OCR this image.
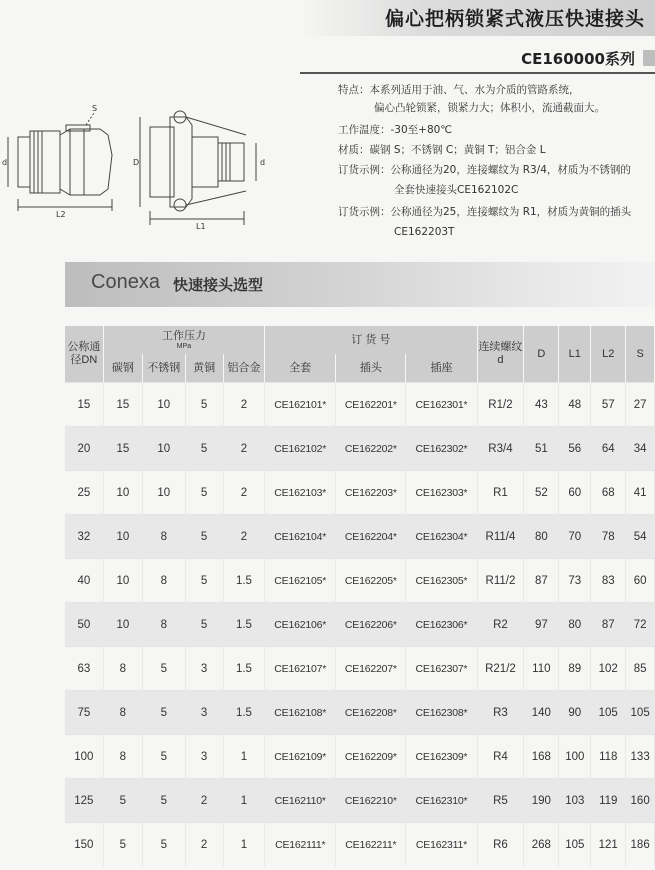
偏心把柄锁紧式液压快速接头
CE160000系列
S
d
L2
D	d
L1
特点：本系列适用于油、气、水为介质的管路系统，
偏心凸轮锁紧，锁紧力大；体积小，流通截面大。
工作温度：-30至+80℃
材质：碳钢 S；不锈钢 C；黄铜 T；铝合金 L
订货示例：公称通径为20，连接螺纹为 R3/4，材质为不锈钢的
全套快速接头CE162102C
订货示例：公称通径为25，连接螺纹为 R1，材质为黄铜的插头
CE162203T
Conexa 快速接头选型
公称通径DN	工作压力
MPa				订 货 号			连续螺纹d	D	L1	L2	S
	碳钢	不锈钢	黄铜	铝合金	全套	插头	插座					
15	15	10	5	2	CE162101*	CE162201*	CE162301*	R1/2	43	48	57	27
20	15	10	5	2	CE162102*	CE162202*	CE162302*	R3/4	51	56	64	34
25	10	10	5	2	CE162103*	CE162203*	CE162303*	R1	52	60	68	41
32	10	8	5	2	CE162104*	CE162204*	CE162304*	R11/4	80	70	78	54
40	10	8	5	1.5	CE162105*	CE162205*	CE162305*	R11/2	87	73	83	60
50	10	8	5	1.5	CE162106*	CE162206*	CE162306*	R2	97	80	87	72
63	8	5	3	1.5	CE162107*	CE162207*	CE162307*	R21/2	110	89	102	85
75	8	5	3	1.5	CE162108*	CE162208*	CE162308*	R3	140	90	105	105
100	8	5	3	1	CE162109*	CE162209*	CE162309*	R4	168	100	118	133
125	5	5	2	1	CE162110*	CE162210*	CE162310*	R5	190	103	119	160
150	5	5	2	1	CE162111*	CE162211*	CE162311*	R6	268	105	121	186
